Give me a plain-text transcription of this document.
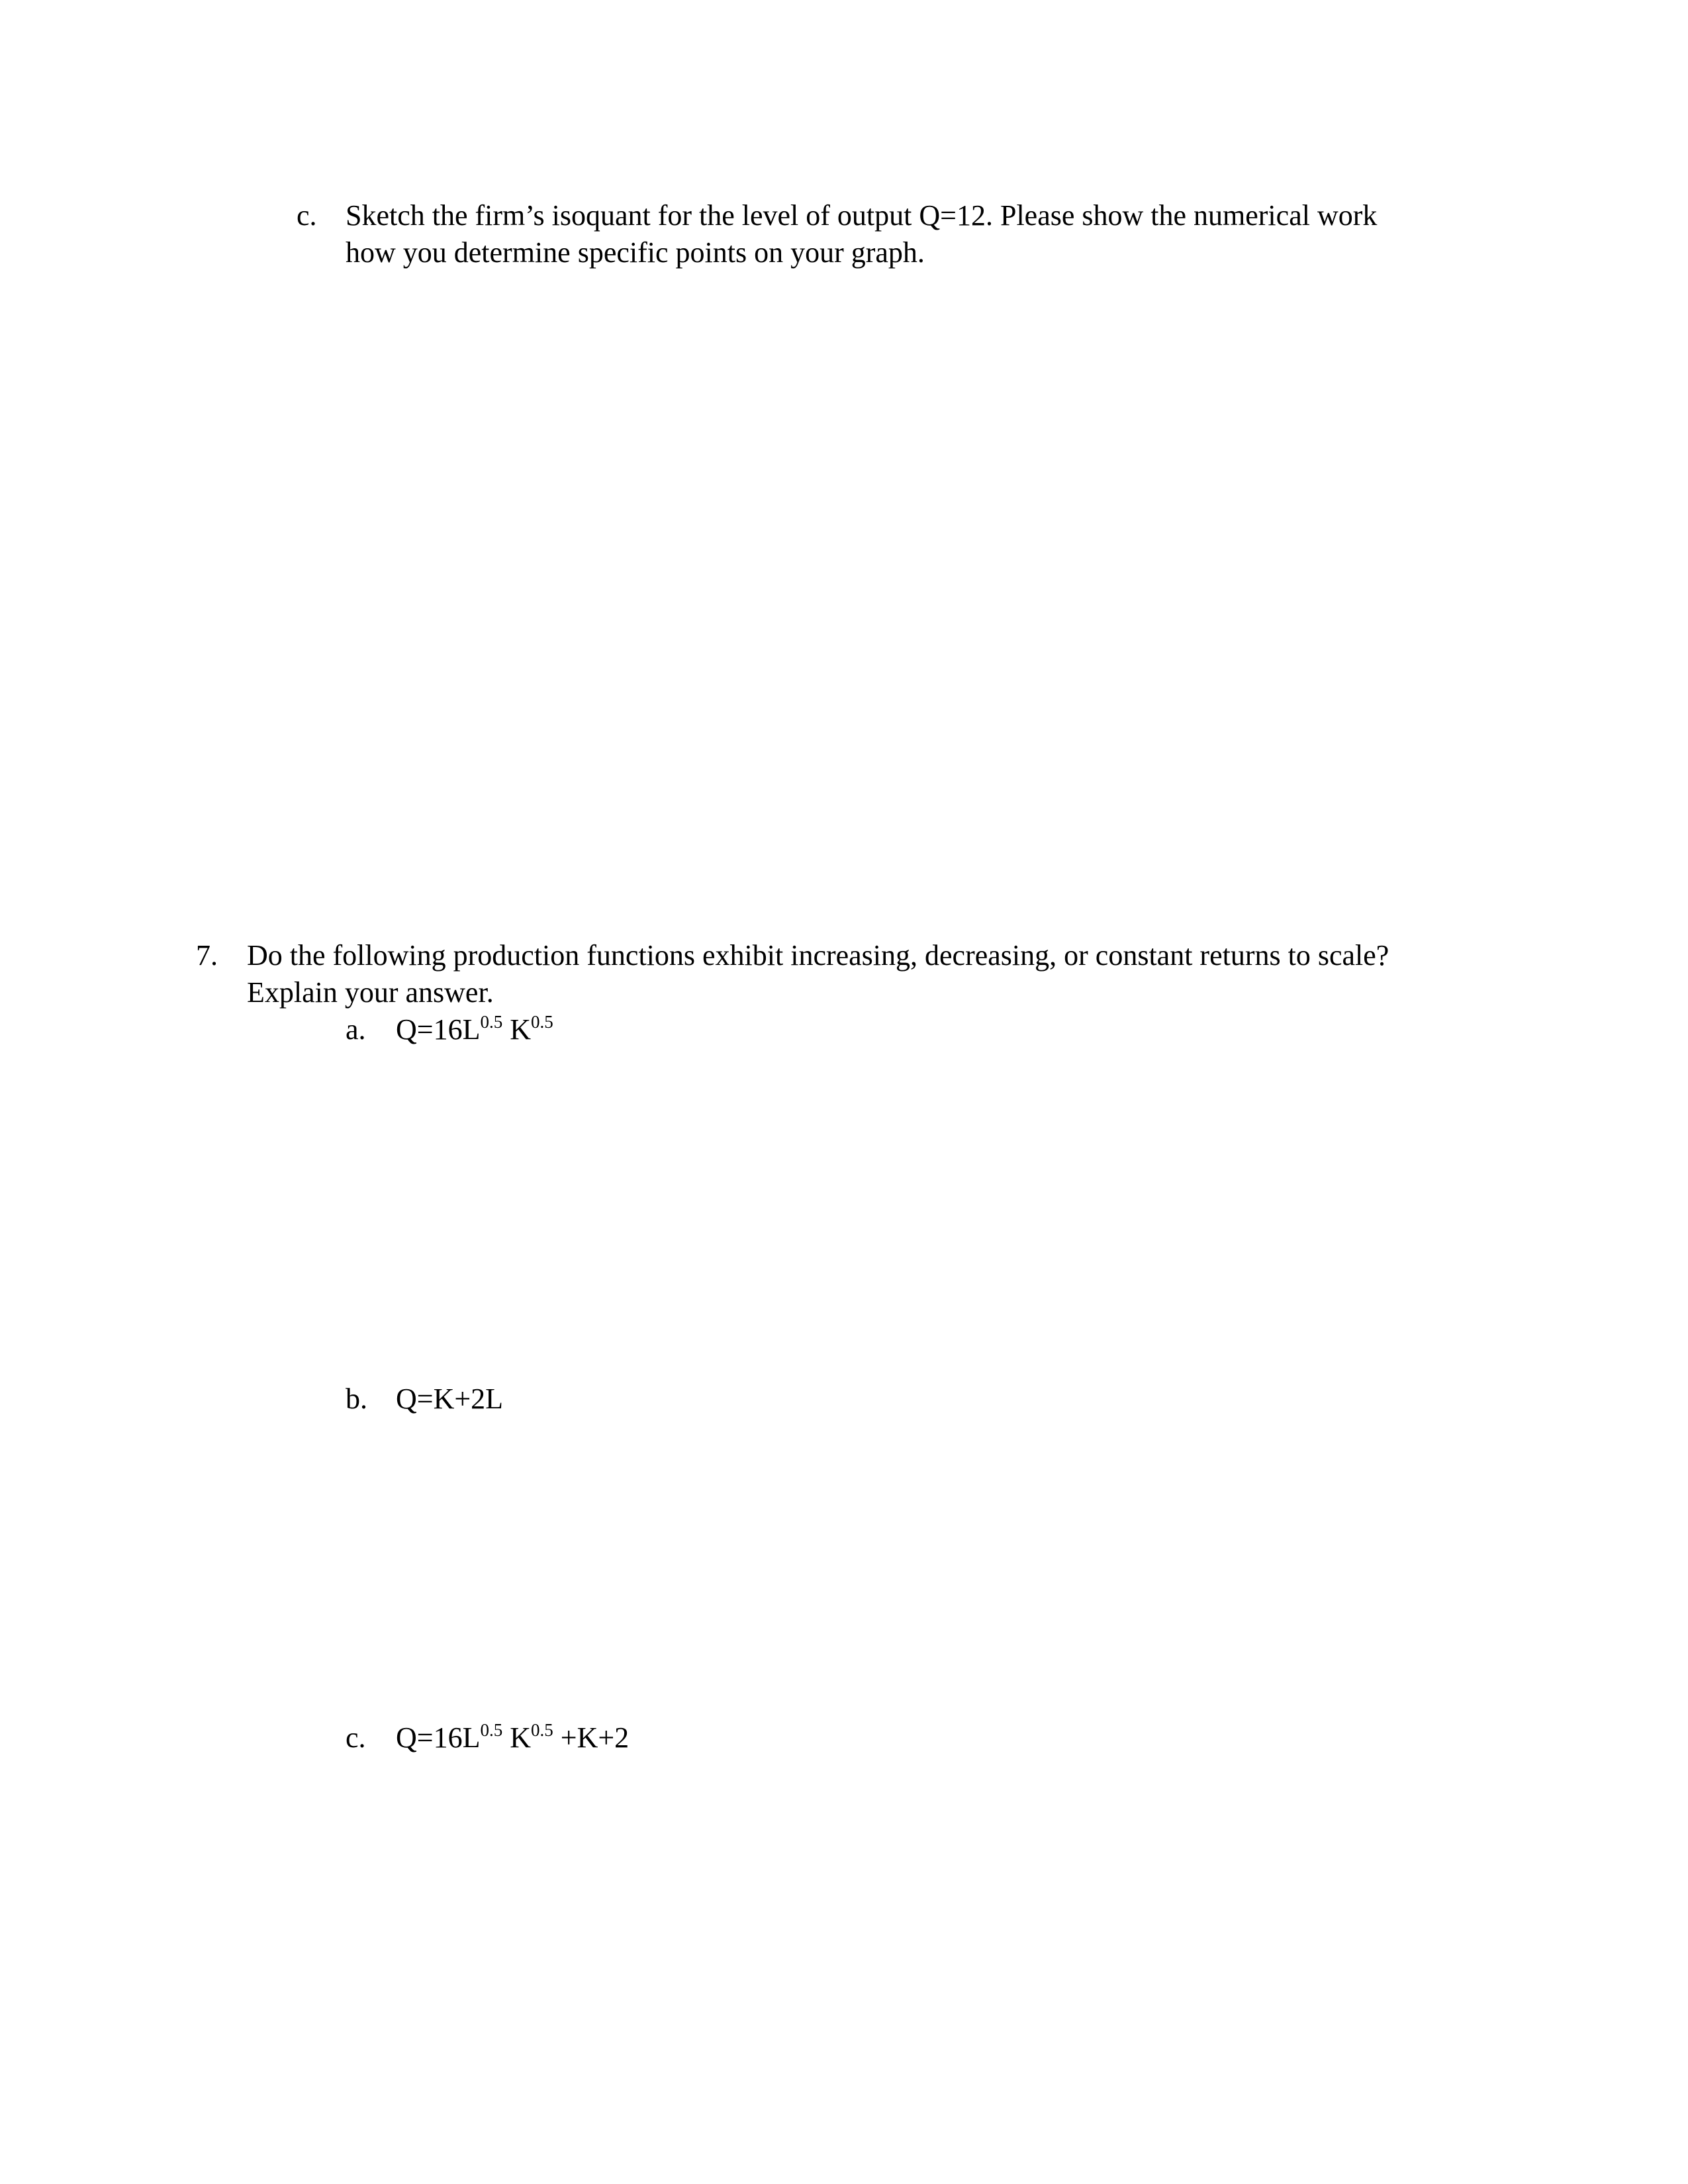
c. Sketch the firm’s isoquant for the level of output Q=12. Please show the numerical work
how you determine specific points on your graph.
7. Do the following production functions exhibit increasing, decreasing, or constant returns to scale?
Explain your answer.
a. $Q=16L^{0.5}$ $K^{0.5}$
b. Q=K+2L
c. $Q=16L^{0.5}$ $K^{0.5} +K+2$
